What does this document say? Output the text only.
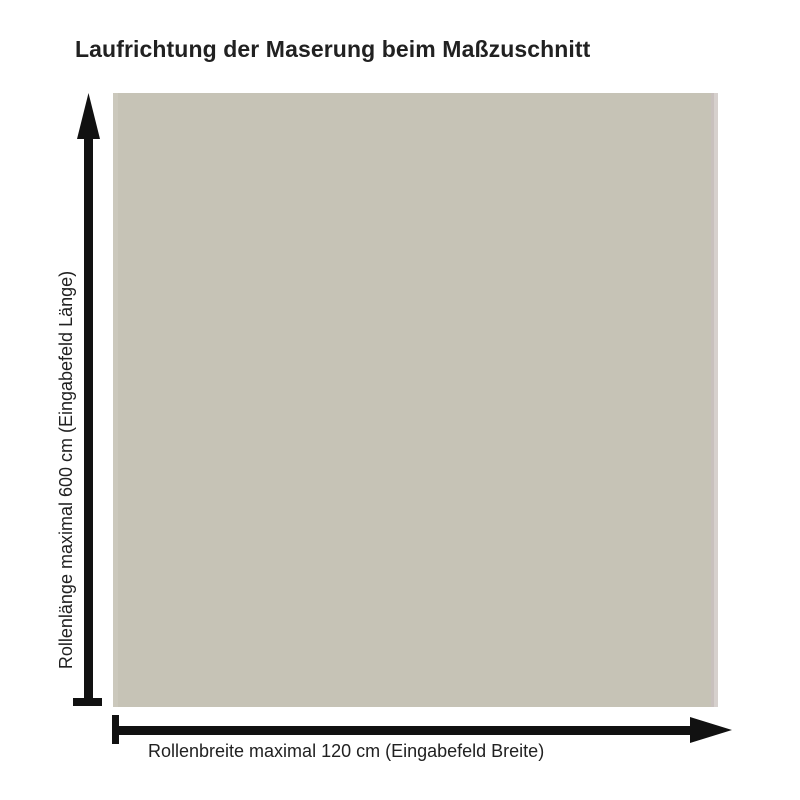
Laufrichtung der Maserung beim Maßzuschnitt
Rollenlänge maximal 600 cm (Eingabefeld Länge)
Rollenbreite maximal 120 cm (Eingabefeld Breite)
